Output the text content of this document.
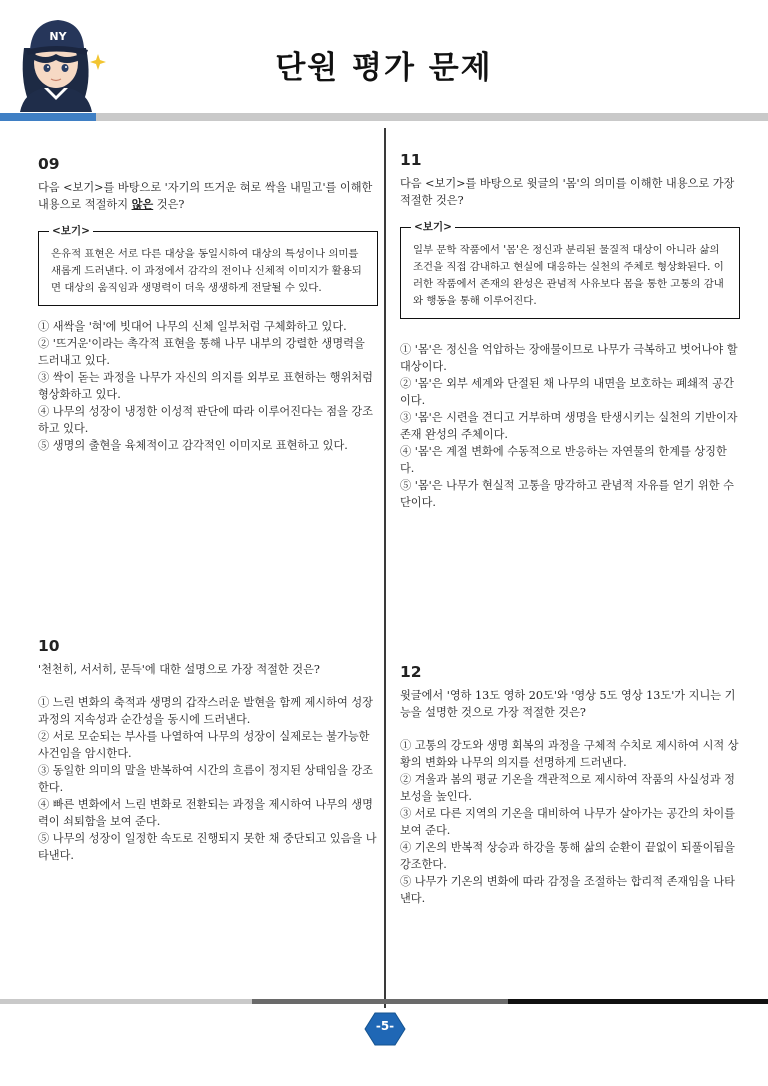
NY
단원 평가 문제
09

다음 <보기>를 바탕으로 '자기의 뜨거운 혀로 싹을 내밀고'를 이해한 내용으로 적절하지 않은 것은?

<보기>
은유적 표현은 서로 다른 대상을 동일시하여 대상의 특성이나 의미를 새롭게 드러낸다. 이 과정에서 감각의 전이나 신체적 이미지가 활용되면 대상의 움직임과 생명력이 더욱 생생하게 전달될 수 있다.
① 새싹을 '혀'에 빗대어 나무의 신체 일부처럼 구체화하고 있다.
② '뜨거운'이라는 촉각적 표현을 통해 나무 내부의 강렬한 생명력을 드러내고 있다.
③ 싹이 돋는 과정을 나무가 자신의 의지를 외부로 표현하는 행위처럼 형상화하고 있다.
④ 나무의 성장이 냉정한 이성적 판단에 따라 이루어진다는 점을 강조하고 있다.
⑤ 생명의 출현을 육체적이고 감각적인 이미지로 표현하고 있다.
10

'천천히, 서서히, 문득'에 대한 설명으로 가장 적절한 것은?

① 느린 변화의 축적과 생명의 갑작스러운 발현을 함께 제시하여 성장 과정의 지속성과 순간성을 동시에 드러낸다.
② 서로 모순되는 부사를 나열하여 나무의 성장이 실제로는 불가능한 사건임을 암시한다.
③ 동일한 의미의 말을 반복하여 시간의 흐름이 정지된 상태임을 강조한다.
④ 빠른 변화에서 느린 변화로 전환되는 과정을 제시하여 나무의 생명력이 쇠퇴함을 보여 준다.
⑤ 나무의 성장이 일정한 속도로 진행되지 못한 채 중단되고 있음을 나타낸다.
11

다음 <보기>를 바탕으로 윗글의 '몸'의 의미를 이해한 내용으로 가장 적절한 것은?

<보기>
일부 문학 작품에서 '몸'은 정신과 분리된 물질적 대상이 아니라 삶의 조건을 직접 감내하고 현실에 대응하는 실천의 주체로 형상화된다. 이러한 작품에서 존재의 완성은 관념적 사유보다 몸을 통한 고통의 감내와 행동을 통해 이루어진다.
① '몸'은 정신을 억압하는 장애물이므로 나무가 극복하고 벗어나야 할 대상이다.
② '몸'은 외부 세계와 단절된 채 나무의 내면을 보호하는 폐쇄적 공간이다.
③ '몸'은 시련을 견디고 거부하며 생명을 탄생시키는 실천의 기반이자 존재 완성의 주체이다.
④ '몸'은 계절 변화에 수동적으로 반응하는 자연물의 한계를 상징한다.
⑤ '몸'은 나무가 현실적 고통을 망각하고 관념적 자유를 얻기 위한 수단이다.
12

윗글에서 '영하 13도 영하 20도'와 '영상 5도 영상 13도'가 지니는 기능을 설명한 것으로 가장 적절한 것은?

① 고통의 강도와 생명 회복의 과정을 구체적 수치로 제시하여 시적 상황의 변화와 나무의 의지를 선명하게 드러낸다.
② 겨울과 봄의 평균 기온을 객관적으로 제시하여 작품의 사실성과 정보성을 높인다.
③ 서로 다른 지역의 기온을 대비하여 나무가 살아가는 공간의 차이를 보여 준다.
④ 기온의 반복적 상승과 하강을 통해 삶의 순환이 끝없이 되풀이됨을 강조한다.
⑤ 나무가 기온의 변화에 따라 감정을 조절하는 합리적 존재임을 나타낸다.
-5-
